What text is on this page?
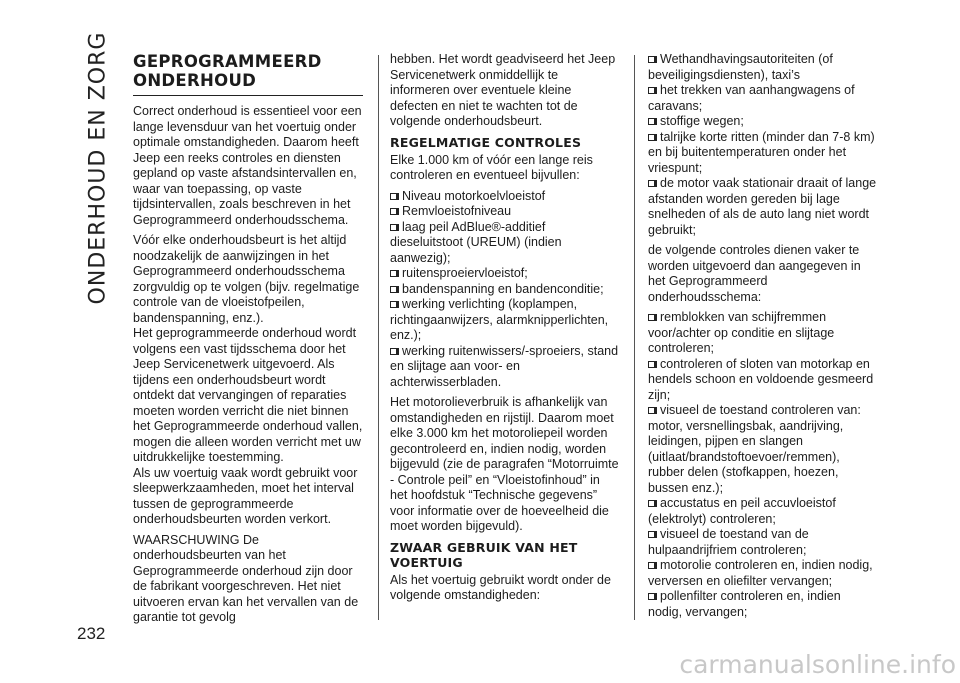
ONDERHOUD EN ZORG
232
GEPROGRAMMEERD ONDERHOUD

Correct onderhoud is essentieel voor een lange levensduur van het voertuig onder optimale omstandigheden. Daarom heeft Jeep een reeks controles en diensten gepland op vaste afstandsintervallen en, waar van toepassing, op vaste tijdsintervallen, zoals beschreven in het Geprogrammeerd onderhoudsschema.

Vóór elke onderhoudsbeurt is het altijd noodzakelijk de aanwijzingen in het Geprogrammeerd onderhoudsschema zorgvuldig op te volgen (bijv. regelmatige controle van de vloeistofpeilen, bandenspanning, enz.).
Het geprogrammeerde onderhoud wordt volgens een vast tijdsschema door het Jeep Servicenetwerk uitgevoerd. Als tijdens een onderhoudsbeurt wordt ontdekt dat vervangingen of reparaties moeten worden verricht die niet binnen het Geprogrammeerde onderhoud vallen, mogen die alleen worden verricht met uw uitdrukkelijke toestemming.
Als uw voertuig vaak wordt gebruikt voor sleepwerkzaamheden, moet het interval tussen de geprogrammeerde onderhoudsbeurten worden verkort.

WAARSCHUWING De onderhoudsbeurten van het Geprogrammeerde onderhoud zijn door de fabrikant voorgeschreven. Het niet uitvoeren ervan kan het vervallen van de garantie tot gevolg

hebben. Het wordt geadviseerd het Jeep Servicenetwerk onmiddellijk te informeren over eventuele kleine defecten en niet te wachten tot de volgende onderhoudsbeurt.

REGELMATIGE CONTROLES

Elke 1.000 km of vóór een lange reis controleren en eventueel bijvullen:

Niveau motorkoelvloeistof
Remvloeistofniveau
laag peil AdBlue®-additief dieseluitstoot (UREUM) (indien aanwezig);
ruitensproeiervloeistof;
bandenspanning en bandenconditie;
werking verlichting (koplampen, richtingaanwijzers, alarmknipperlichten, enz.);
werking ruitenwissers/-sproeiers, stand en slijtage aan voor- en achterwisserbladen.

Het motorolieverbruik is afhankelijk van omstandigheden en rijstijl. Daarom moet elke 3.000 km het motoroliepeil worden gecontroleerd en, indien nodig, worden bijgevuld (zie de paragrafen “Motorruimte - Controle peil” en “Vloeistofinhoud” in het hoofdstuk “Technische gegevens” voor informatie over de hoeveelheid die moet worden bijgevuld).

ZWAAR GEBRUIK VAN HET VOERTUIG

Als het voertuig gebruikt wordt onder de volgende omstandigheden:

Wethandhavingsautoriteiten (of beveiligingsdiensten), taxi’s
het trekken van aanhangwagens of caravans;
stoffige wegen;
talrijke korte ritten (minder dan 7-8 km) en bij buitentemperaturen onder het vriespunt;
de motor vaak stationair draait of lange afstanden worden gereden bij lage snelheden of als de auto lang niet wordt gebruikt;

de volgende controles dienen vaker te worden uitgevoerd dan aangegeven in het Geprogrammeerd onderhoudsschema:

remblokken van schijfremmen voor/achter op conditie en slijtage controleren;
controleren of sloten van motorkap en hendels schoon en voldoende gesmeerd zijn;
visueel de toestand controleren van: motor, versnellingsbak, aandrijving, leidingen, pijpen en slangen (uitlaat/brandstoftoevoer/remmen), rubber delen (stofkappen, hoezen, bussen enz.);
accustatus en peil accuvloeistof (elektrolyt) controleren;
visueel de toestand van de hulpaandrijfriem controleren;
motorolie controleren en, indien nodig, verversen en oliefilter vervangen;
pollenfilter controleren en, indien nodig, vervangen;
carmanualsonline.info
